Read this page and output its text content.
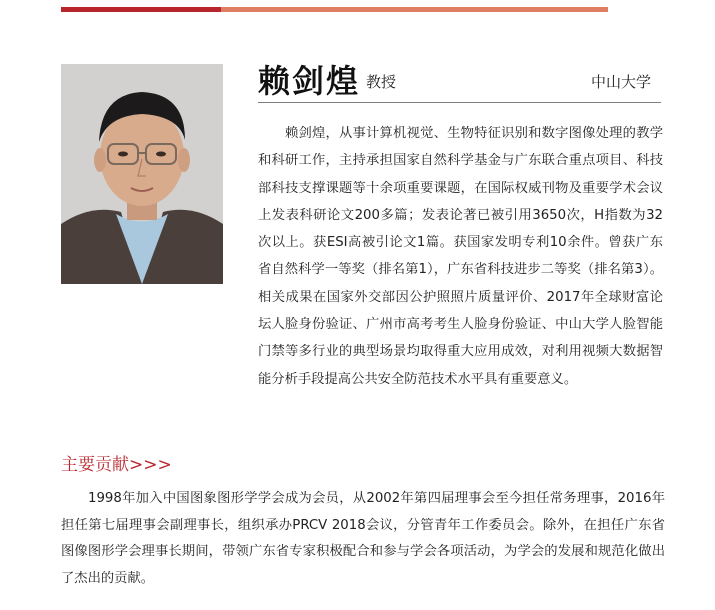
赖剑煌 教授	中山大学

赖剑煌，从事计算机视觉、生物特征识别和数字图像处理的教学和科研工作，主持承担国家自然科学基金与广东联合重点项目、科技部科技支撑课题等十余项重要课题，在国际权威刊物及重要学术会议上发表科研论文200多篇；发表论著已被引用3650次，H指数为32次以上。获ESI高被引论文1篇。获国家发明专利10余件。曾获广东省自然科学一等奖（排名第1），广东省科技进步二等奖（排名第3）。相关成果在国家外交部因公护照照片质量评价、2017年全球财富论坛人脸身份验证、广州市高考考生人脸身份验证、中山大学人脸智能门禁等多行业的典型场景均取得重大应用成效，对利用视频大数据智能分析手段提高公共安全防范技术水平具有重要意义。

主要贡献>>>

1998年加入中国图象图形学学会成为会员，从2002年第四届理事会至今担任常务理事，2016年担任第七届理事会副理事长，组织承办PRCV 2018会议，分管青年工作委员会。除外，在担任广东省图像图形学会理事长期间，带领广东省专家积极配合和参与学会各项活动，为学会的发展和规范化做出了杰出的贡献。
